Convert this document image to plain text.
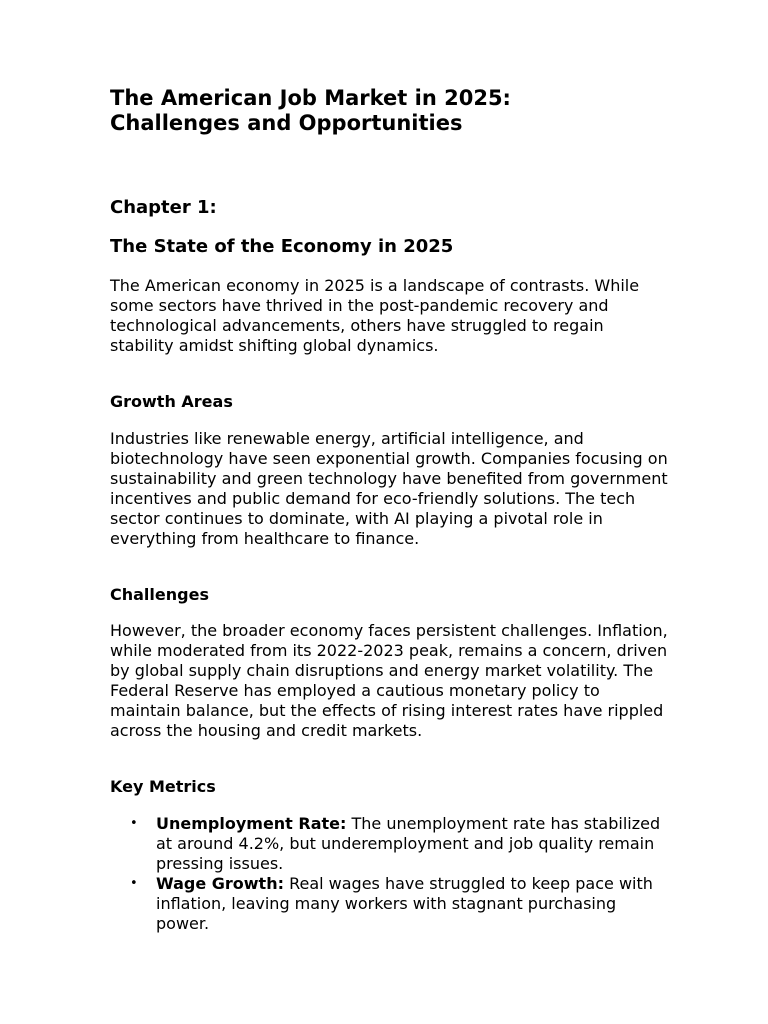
The American Job Market in 2025:
Challenges and Opportunities
Chapter 1:
The State of the Economy in 2025

The American economy in 2025 is a landscape of contrasts. While some sectors have thrived in the post-pandemic recovery and technological advancements, others have struggled to regain stability amidst shifting global dynamics.

Growth Areas

Industries like renewable energy, artificial intelligence, and biotechnology have seen exponential growth. Companies focusing on sustainability and green technology have benefited from government incentives and public demand for eco-friendly solutions. The tech sector continues to dominate, with AI playing a pivotal role in everything from healthcare to finance.

Challenges

However, the broader economy faces persistent challenges. Inflation, while moderated from its 2022-2023 peak, remains a concern, driven by global supply chain disruptions and energy market volatility. The Federal Reserve has employed a cautious monetary policy to maintain balance, but the effects of rising interest rates have rippled across the housing and credit markets.

Key Metrics
• Unemployment Rate: The unemployment rate has stabilized at around 4.2%, but underemployment and job quality remain pressing issues.
• Wage Growth: Real wages have struggled to keep pace with inflation, leaving many workers with stagnant purchasing power.
